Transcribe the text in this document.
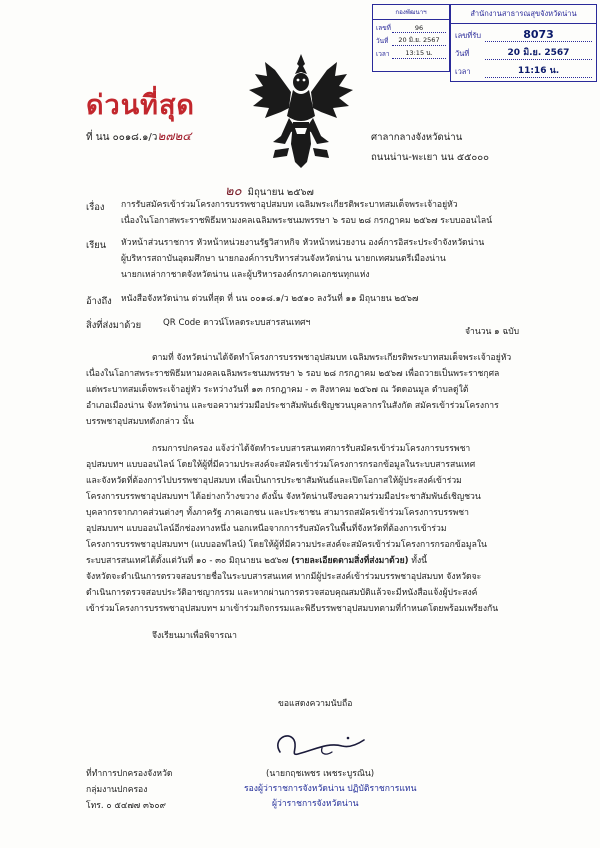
กองพัฒนาฯ
เลขที่	96
วันที่	20 มิ.ย. 2567
เวลา	13:15 น.
สำนักงานสาธารณสุขจังหวัดน่าน
เลขที่รับ	8073
วันที่	20 มิ.ย. 2567
เวลา	11:16 น.
ด่วนที่สุด
ที่ นน ๐๐๑๘.๑/ว๒๗๒๔	ศาลากลางจังหวัดน่าน
ถนนน่าน-พะเยา นน ๕๕๐๐๐
๒๐ มิถุนายน ๒๕๖๗
เรื่อง การรับสมัครเข้าร่วมโครงการบรรพชาอุปสมบท เฉลิมพระเกียรติพระบาทสมเด็จพระเจ้าอยู่หัว
เนื่องในโอกาสพระราชพิธีมหามงคลเฉลิมพระชนมพรรษา ๖ รอบ ๒๘ กรกฎาคม ๒๕๖๗ ระบบออนไลน์
เรียน หัวหน้าส่วนราชการ หัวหน้าหน่วยงานรัฐวิสาหกิจ หัวหน้าหน่วยงาน องค์การอิสระประจำจังหวัดน่าน
ผู้บริหารสถาบันอุดมศึกษา นายกองค์การบริหารส่วนจังหวัดน่าน นายกเทศมนตรีเมืองน่าน
นายกเหล่ากาชาดจังหวัดน่าน และผู้บริหารองค์กรภาคเอกชนทุกแห่ง
อ้างถึง หนังสือจังหวัดน่าน ด่วนที่สุด ที่ นน ๐๐๑๘.๑/ว ๒๕๑๐ ลงวันที่ ๑๑ มิถุนายน ๒๕๖๗
สิ่งที่ส่งมาด้วย	QR Code ดาวน์โหลดระบบสารสนเทศฯ
จำนวน ๑ ฉบับ
ตามที่ จังหวัดน่านได้จัดทำโครงการบรรพชาอุปสมบท เฉลิมพระเกียรติพระบาทสมเด็จพระเจ้าอยู่หัว
เนื่องในโอกาสพระราชพิธีมหามงคลเฉลิมพระชนมพรรษา ๖ รอบ ๒๘ กรกฎาคม ๒๕๖๗ เพื่อถวายเป็นพระราชกุศล
แด่พระบาทสมเด็จพระเจ้าอยู่หัว ระหว่างวันที่ ๑๓ กรกฎาคม - ๓ สิงหาคม ๒๕๖๗ ณ วัดดอนมูล ตำบลดู่ใต้
อำเภอเมืองน่าน จังหวัดน่าน และขอความร่วมมือประชาสัมพันธ์เชิญชวนบุคลากรในสังกัด สมัครเข้าร่วมโครงการ
บรรพชาอุปสมบทดังกล่าว นั้น
กรมการปกครอง แจ้งว่าได้จัดทำระบบสารสนเทศการรับสมัครเข้าร่วมโครงการบรรพชา
อุปสมบทฯ แบบออนไลน์ โดยให้ผู้ที่มีความประสงค์จะสมัครเข้าร่วมโครงการกรอกข้อมูลในระบบสารสนเทศ
และจังหวัดที่ต้องการไปบรรพชาอุปสมบท เพื่อเป็นการประชาสัมพันธ์และเปิดโอกาสให้ผู้ประสงค์เข้าร่วม
โครงการบรรพชาอุปสมบทฯ ได้อย่างกว้างขวาง ดังนั้น จังหวัดน่านจึงขอความร่วมมือประชาสัมพันธ์เชิญชวน
บุคลากรจากภาคส่วนต่างๆ ทั้งภาครัฐ ภาคเอกชน และประชาชน สามารถสมัครเข้าร่วมโครงการบรรพชา
อุปสมบทฯ แบบออนไลน์อีกช่องทางหนึ่ง นอกเหนือจากการรับสมัครในพื้นที่จังหวัดที่ต้องการเข้าร่วม
โครงการบรรพชาอุปสมบทฯ (แบบออฟไลน์) โดยให้ผู้ที่มีความประสงค์จะสมัครเข้าร่วมโครงการกรอกข้อมูลใน
ระบบสารสนเทศได้ตั้งแต่วันที่ ๑๐ - ๓๐ มิถุนายน ๒๕๖๗ (รายละเอียดตามสิ่งที่ส่งมาด้วย) ทั้งนี้
จังหวัดจะดำเนินการตรวจสอบรายชื่อในระบบสารสนเทศ หากมีผู้ประสงค์เข้าร่วมบรรพชาอุปสมบท จังหวัดจะ
ดำเนินการตรวจสอบประวัติอาชญากรรม และหากผ่านการตรวจสอบคุณสมบัติแล้วจะมีหนังสือแจ้งผู้ประสงค์
เข้าร่วมโครงการบรรพชาอุปสมบทฯ มาเข้าร่วมกิจกรรมและพิธีบรรพชาอุปสมบทตามที่กำหนดโดยพร้อมเพรียงกัน
จึงเรียนมาเพื่อพิจารณา
ขอแสดงความนับถือ
(นายกฤชเพชร เพชระบูรณิน)
รองผู้ว่าราชการจังหวัดน่าน ปฏิบัติราชการแทน
ผู้ว่าราชการจังหวัดน่าน
ที่ทำการปกครองจังหวัด
กลุ่มงานปกครอง
โทร. ๐ ๕๔๗๗ ๓๖๐๙
